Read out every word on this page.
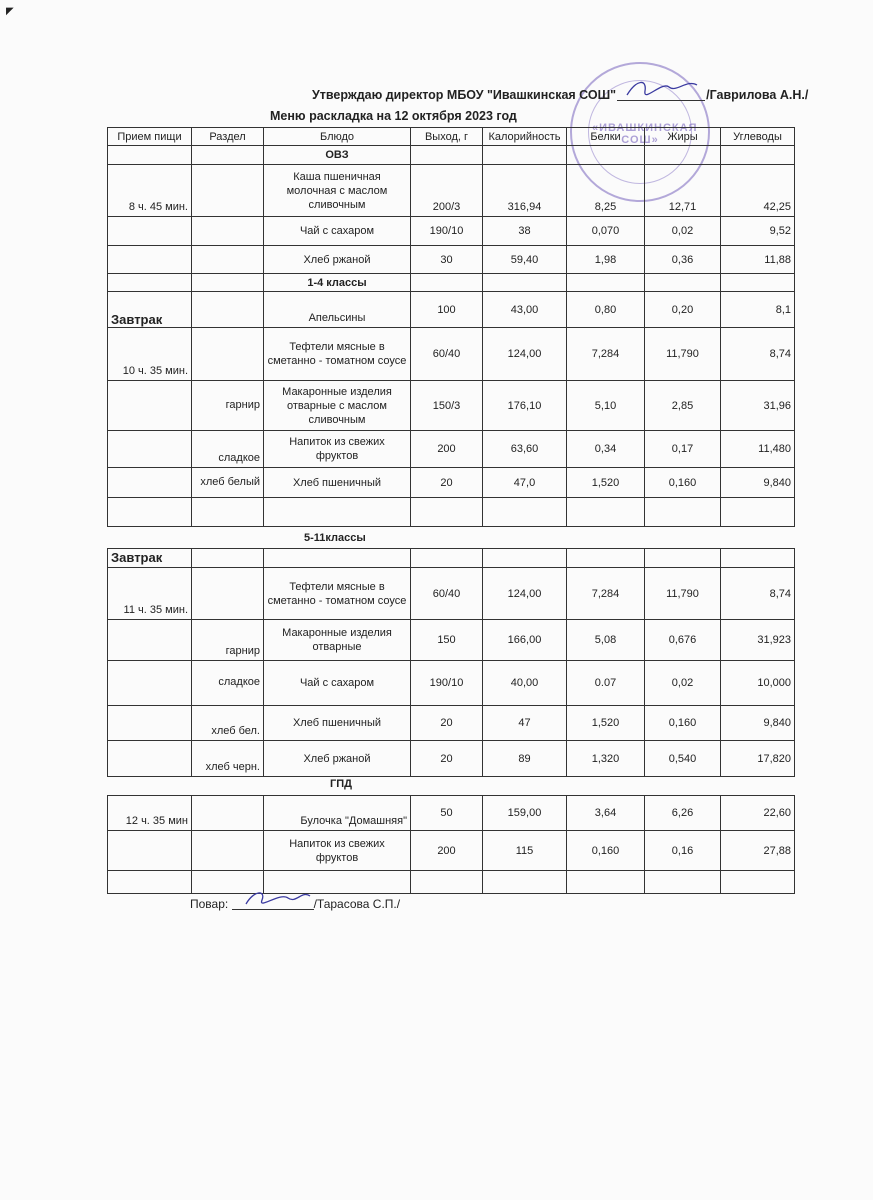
◤
«ИВАШКИНСКАЯ СОШ»
Утверждаю директор МБОУ "Ивашкинская СОШ"	/Гаврилова А.Н./
Меню раскладка на 12 октября 2023 год
Прием пищи	Раздел	Блюдо	Выход, г	Калорийность	Белки	Жиры	Углеводы
		ОВЗ					
8 ч. 45 мин.		Каша пшеничная молочная с маслом сливочным	200/3	316,94	8,25	12,71	42,25
		Чай с сахаром	190/10	38	0,070	0,02	9,52
		Хлеб ржаной	30	59,40	1,98	0,36	11,88
		1-4 классы					
Завтрак		Апельсины	100	43,00	0,80	0,20	8,1
10 ч. 35 мин.		Тефтели мясные в сметанно - томатном соусе	60/40	124,00	7,284	11,790	8,74
	гарнир	Макаронные изделия отварные с маслом сливочным	150/3	176,10	5,10	2,85	31,96
	сладкое	Напиток из свежих фруктов	200	63,60	0,34	0,17	11,480
	хлеб белый	Хлеб пшеничный	20	47,0	1,520	0,160	9,840

5-11классы
Завтрак							
11 ч. 35 мин.		Тефтели мясные в сметанно - томатном соусе	60/40	124,00	7,284	11,790	8,74
	гарнир	Макаронные изделия отварные	150	166,00	5,08	0,676	31,923
	сладкое	Чай с сахаром	190/10	40,00	0.07	0,02	10,000
	хлеб бел.	Хлеб пшеничный	20	47	1,520	0,160	9,840
	хлеб черн.	Хлеб ржаной	20	89	1,320	0,540	17,820
ГПД
12 ч. 35 мин		Булочка "Домашняя"	50	159,00	3,64	6,26	22,60
		Напиток из свежих фруктов	200	115	0,160	0,16	27,88

Повар:	/Тарасова С.П./
